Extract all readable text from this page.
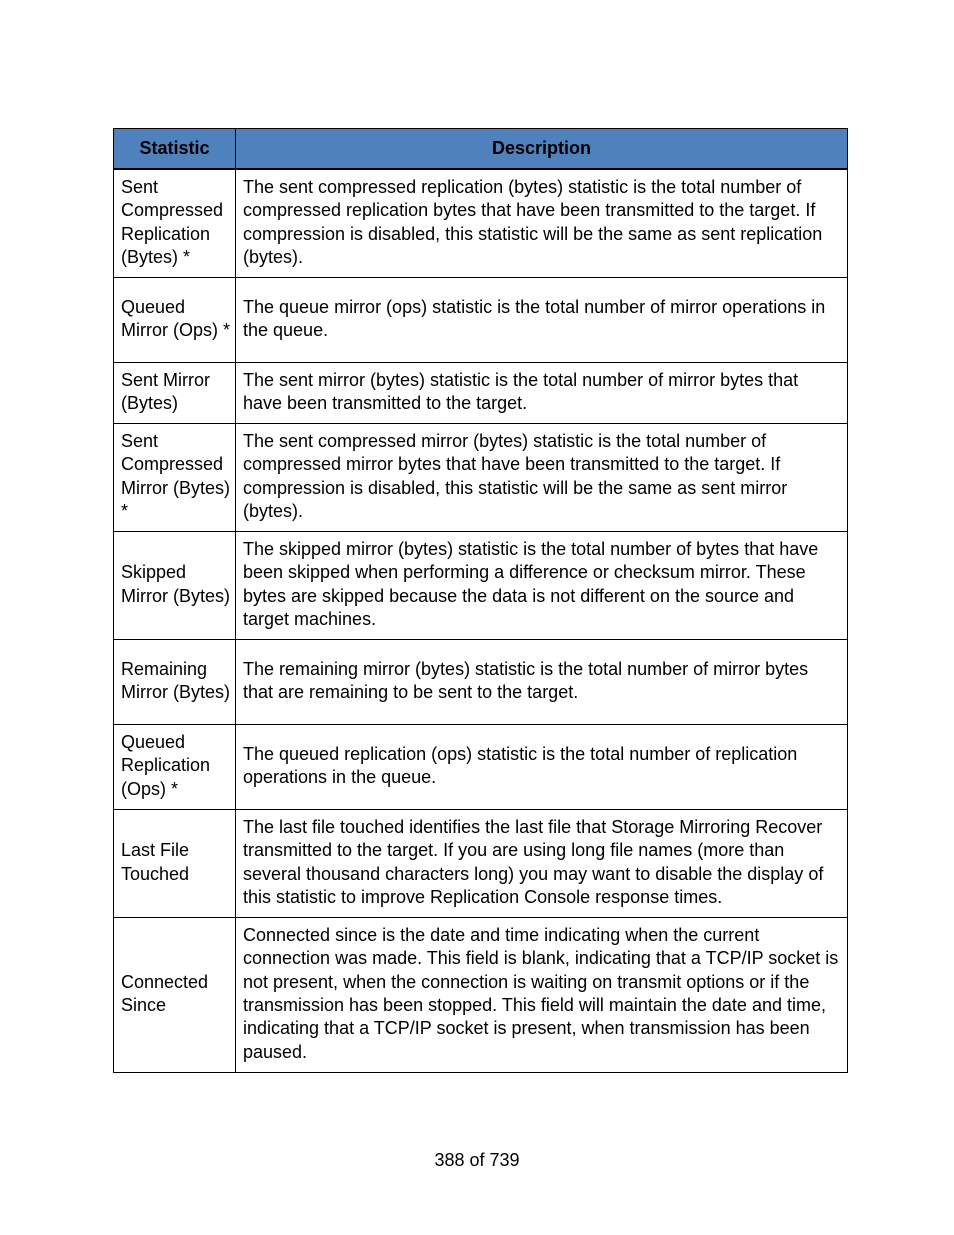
Statistic	Description
Sent Compressed Replication (Bytes) *	The sent compressed replication (bytes) statistic is the total number of compressed replication bytes that have been transmitted to the target. If compression is disabled, this statistic will be the same as sent replication (bytes).
Queued Mirror (Ops) *	The queue mirror (ops) statistic is the total number of mirror operations in the queue.
Sent Mirror (Bytes)	The sent mirror (bytes) statistic is the total number of mirror bytes that have been transmitted to the target.
Sent Compressed Mirror (Bytes) *	The sent compressed mirror (bytes) statistic is the total number of compressed mirror bytes that have been transmitted to the target. If compression is disabled, this statistic will be the same as sent mirror (bytes).
Skipped Mirror (Bytes)	The skipped mirror (bytes) statistic is the total number of bytes that have been skipped when performing a difference or checksum mirror. These bytes are skipped because the data is not different on the source and target machines.
Remaining Mirror (Bytes)	The remaining mirror (bytes) statistic is the total number of mirror bytes that are remaining to be sent to the target.
Queued Replication (Ops) *	The queued replication (ops) statistic is the total number of replication operations in the queue.
Last File Touched	The last file touched identifies the last file that Storage Mirroring Recover transmitted to the target. If you are using long file names (more than several thousand characters long) you may want to disable the display of this statistic to improve Replication Console response times.
Connected Since	Connected since is the date and time indicating when the current connection was made. This field is blank, indicating that a TCP/IP socket is not present, when the connection is waiting on transmit options or if the transmission has been stopped. This field will maintain the date and time, indicating that a TCP/IP socket is present, when transmission has been paused.
388 of 739
